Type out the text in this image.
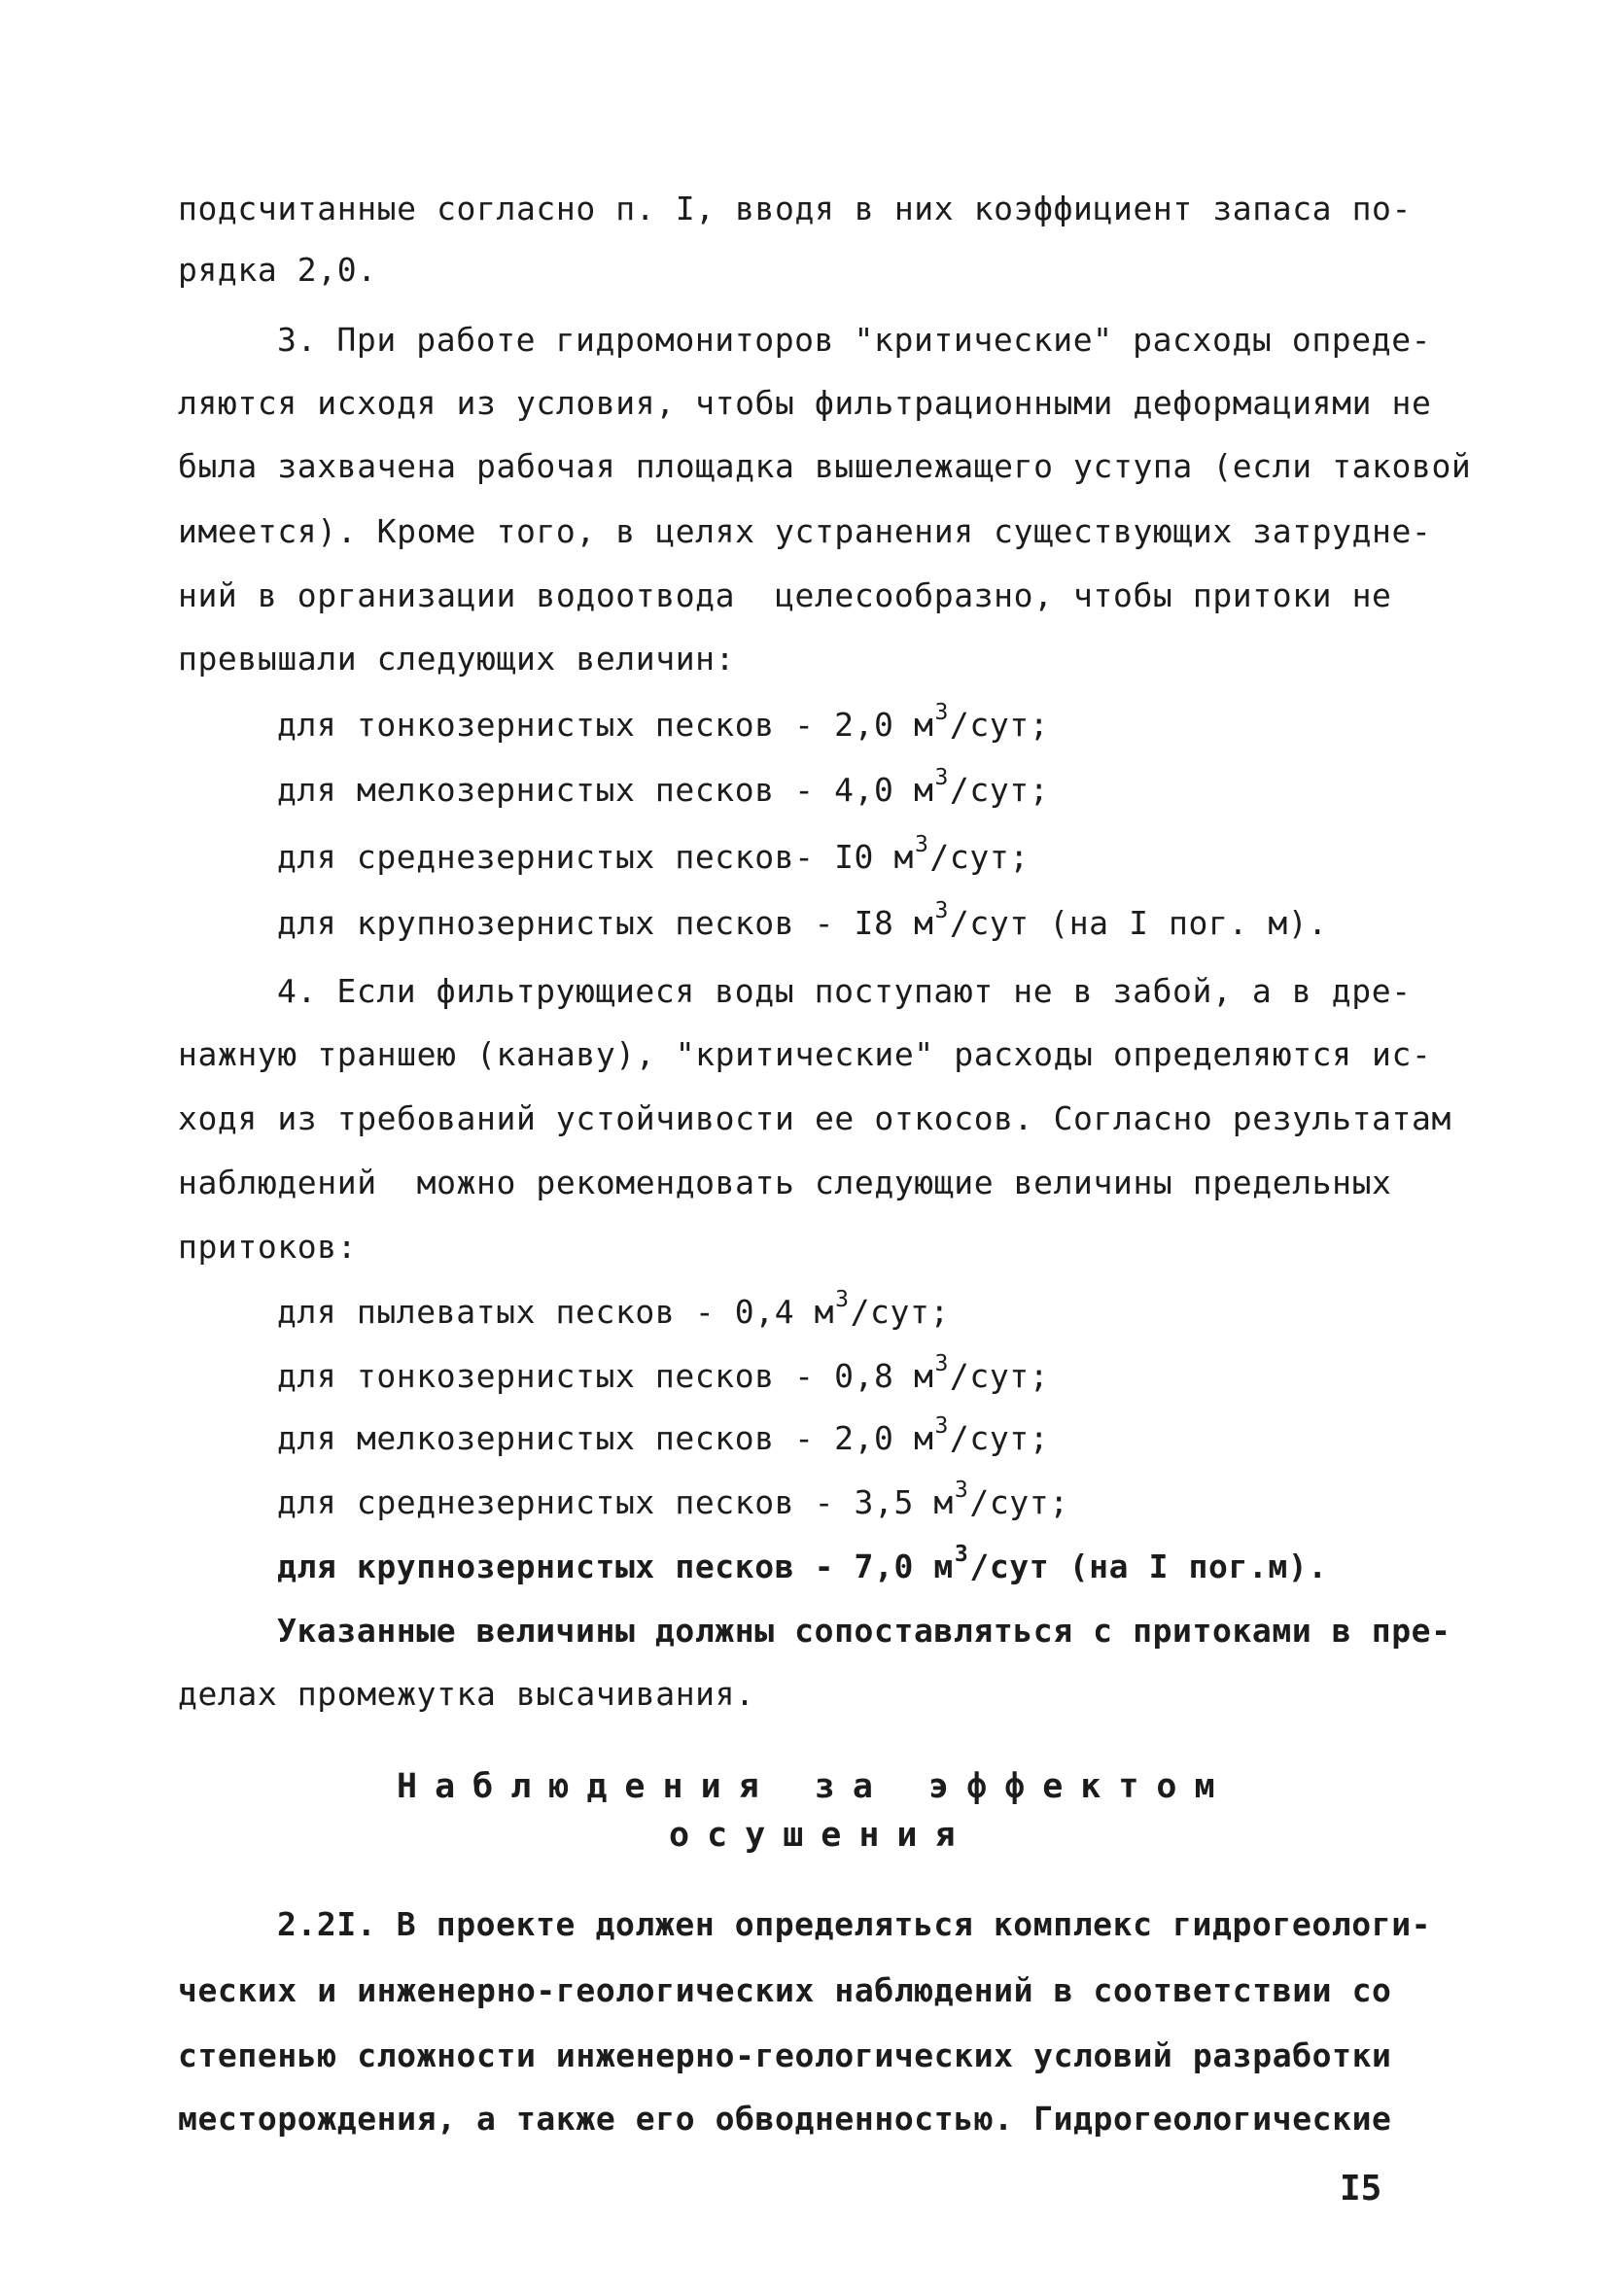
подсчитанные согласно п. I, вводя в них коэффициент запаса по-
рядка 2,0.
3. При работе гидромониторов "критические" расходы опреде-
ляются исходя из условия, чтобы фильтрационными деформациями не
была захвачена рабочая площадка вышележащего уступа (если таковой
имеется). Кроме того, в целях устранения существующих затрудне-
ний в организации водоотвода  целесообразно, чтобы притоки не
превышали следующих величин:
для тонкозернистых песков - 2,0 $м^3$/сут;
для мелкозернистых песков - 4,0 $м^3$/сут;
для среднезернистых песков- I0 $м^3$/сут;
для крупнозернистых песков - I8 $м^3$/сут (на I пог. м).
4. Если фильтрующиеся воды поступают не в забой, а в дре-
нажную траншею (канаву), "критические" расходы определяются ис-
ходя из требований устойчивости ее откосов. Согласно результатам
наблюдений  можно рекомендовать следующие величины предельных
притоков:
для пылеватых песков - 0,4 $м^3$/сут;
для тонкозернистых песков - 0,8 $м^3$/сут;
для мелкозернистых песков - 2,0 $м^3$/сут;
для среднезернистых песков - 3,5 $м^3$/сут;
для крупнозернистых песков - 7,0 $м^3$/сут (на I пог.м).
Указанные величины должны сопоставляться с притоками в пре-
делах промежутка высачивания.
Наблюдения за эффектом
осушения
2.2I. В проекте должен определяться комплекс гидрогеологи-
ческих и инженерно-геологических наблюдений в соответствии со
степенью сложности инженерно-геологических условий разработки
месторождения, а также его обводненностью. Гидрогеологические
I5
